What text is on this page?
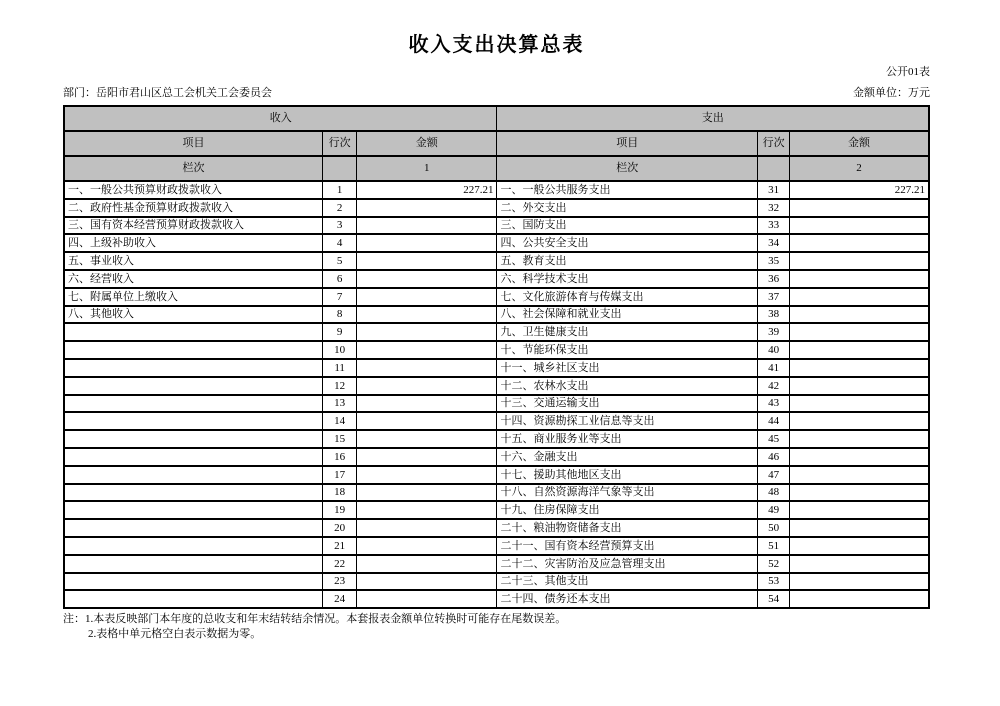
收入支出决算总表
公开01表
部门：岳阳市君山区总工会机关工会委员会	金额单位：万元
收入			支出		
项目	行次	金额	项目	行次	金额
栏次		1	栏次		2
一、一般公共预算财政拨款收入	1	227.21	一、一般公共服务支出	31	227.21
二、政府性基金预算财政拨款收入	2		二、外交支出	32	
三、国有资本经营预算财政拨款收入	3		三、国防支出	33	
四、上级补助收入	4		四、公共安全支出	34	
五、事业收入	5		五、教育支出	35	
六、经营收入	6		六、科学技术支出	36	
七、附属单位上缴收入	7		七、文化旅游体育与传媒支出	37	
八、其他收入	8		八、社会保障和就业支出	38	
	9		九、卫生健康支出	39	
	10		十、节能环保支出	40	
	11		十一、城乡社区支出	41	
	12		十二、农林水支出	42	
	13		十三、交通运输支出	43	
	14		十四、资源勘探工业信息等支出	44	
	15		十五、商业服务业等支出	45	
	16		十六、金融支出	46	
	17		十七、援助其他地区支出	47	
	18		十八、自然资源海洋气象等支出	48	
	19		十九、住房保障支出	49	
	20		二十、粮油物资储备支出	50	
	21		二十一、国有资本经营预算支出	51	
	22		二十二、灾害防治及应急管理支出	52	
	23		二十三、其他支出	53	
	24		二十四、债务还本支出	54	
注：1.本表反映部门本年度的总收支和年末结转结余情况。本套报表金额单位转换时可能存在尾数误差。
2.表格中单元格空白表示数据为零。
